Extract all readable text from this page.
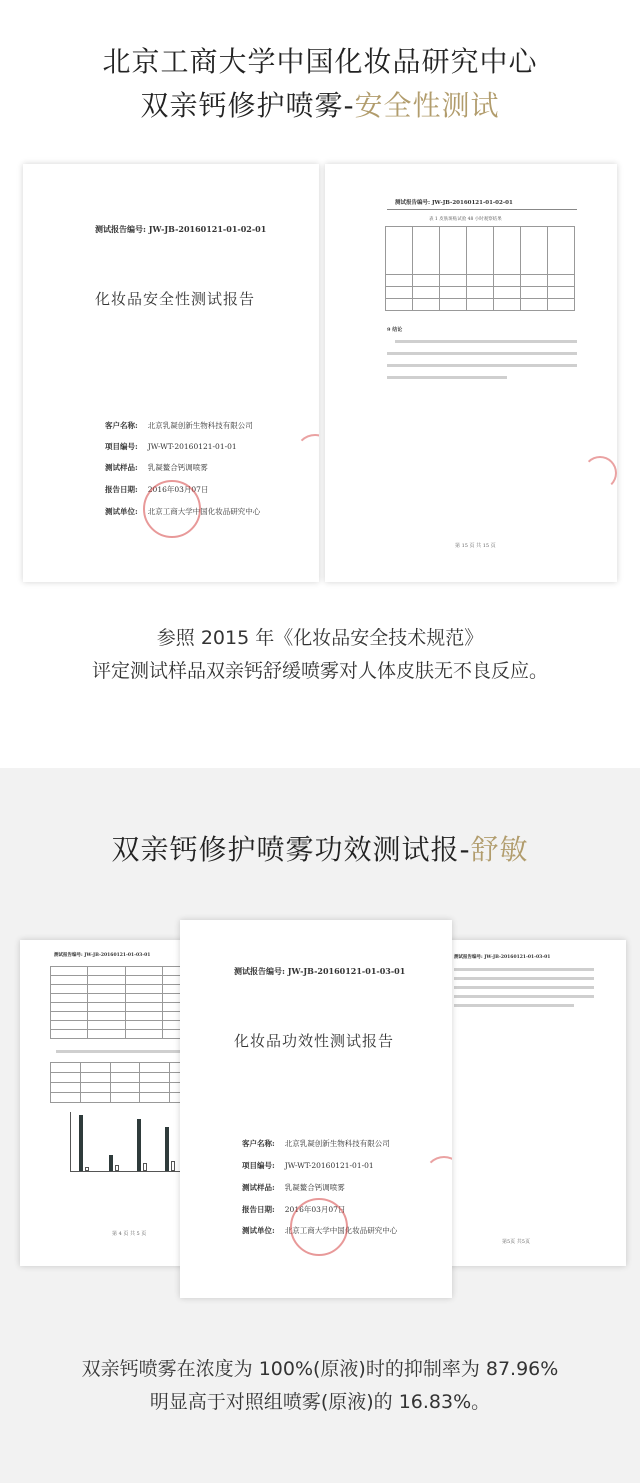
北京工商大学中国化妆品研究中心
双亲钙修护喷雾-安全性测试
测试报告编号: JW-JB-20160121-01-02-01
化妆品安全性测试报告
客户名称: 北京乳凝创新生物科技有限公司
项目编号: JW-WT-20160121-01-01
测试样品: 乳凝鳌合钙调喷雾
报告日期: 2016年03月07日
测试单位: 北京工商大学中国化妆品研究中心
测试报告编号: JW-JB-20160121-01-02-01
表 1 皮肤斑贴试验 48 小时观察结果

9 结论
第 15 页 共 15 页
参照 2015 年《化妆品安全技术规范》
评定测试样品双亲钙舒缓喷雾对人体皮肤无不良反应。
双亲钙修护喷雾功效测试报-舒敏
测试报告编号: JW-JB-20160121-01-03-01

第 4 页 共 5 页
测试报告编号: JW-JB-20160121-01-03-01
第5页 共5页
测试报告编号: JW-JB-20160121-01-03-01
化妆品功效性测试报告
客户名称: 北京乳凝创新生物科技有限公司
项目编号: JW-WT-20160121-01-01
测试样品: 乳凝鳌合钙调喷雾
报告日期: 2016年03月07日
测试单位: 北京工商大学中国化妆品研究中心
双亲钙喷雾在浓度为 100%(原液)时的抑制率为 87.96%
明显高于对照组喷雾(原液)的 16.83%。
